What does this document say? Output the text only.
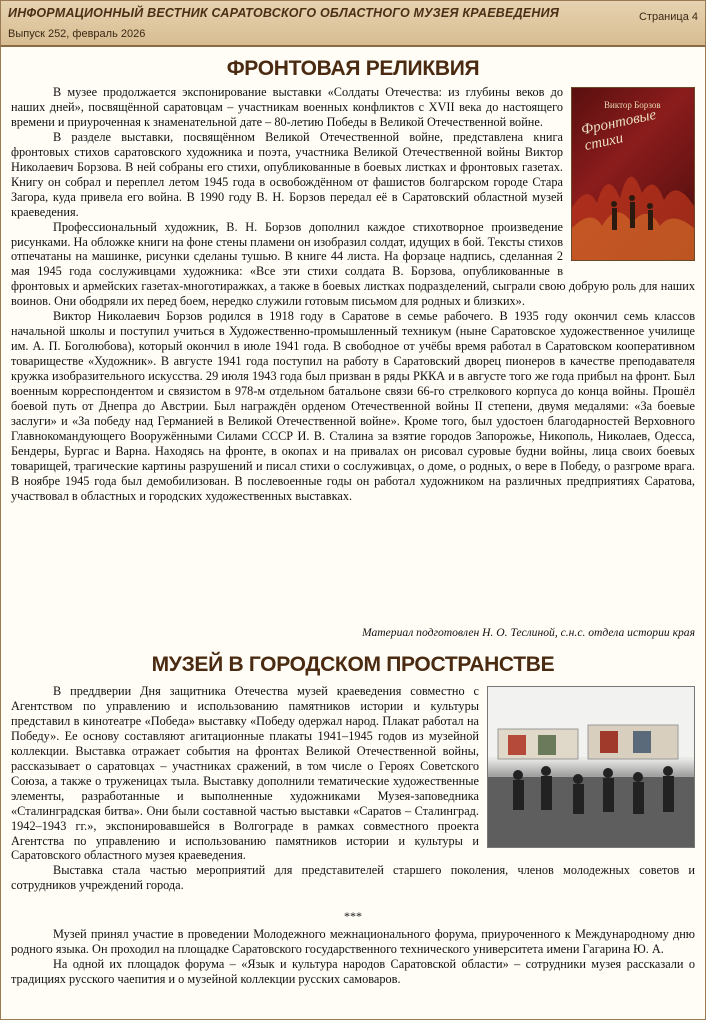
ИНФОРМАЦИОННЫЙ ВЕСТНИК САРАТОВСКОГО ОБЛАСТНОГО МУЗЕЯ КРАЕВЕДЕНИЯ
Выпуск 252, февраль 2026
Страница 4
ФРОНТОВАЯ РЕЛИКВИЯ
Виктор Борзов
Фронтовые стихи

В музее продолжается экспонирование выставки «Солдаты Отечества: из глубины веков до наших дней», посвящённой саратовцам – участникам военных конфликтов с XVII века до настоящего времени и приуроченная к знаменательной дате – 80-летию Победы в Великой Отечественной войне.

В разделе выставки, посвящённом Великой Отечественной войне, представлена книга фронтовых стихов саратовского художника и поэта, участника Великой Отечественной войны Виктор Николаевич Борзова. В ней собраны его стихи, опубликованные в боевых листках и фронтовых газетах. Книгу он собрал и переплел летом 1945 года в освобождённом от фашистов болгарском городе Стара Загора, куда привела его война. В 1990 году В. Н. Борзов передал её в Саратовский областной музей краеведения.

Профессиональный художник, В. Н. Борзов дополнил каждое стихотворное произведение рисунками. На обложке книги на фоне стены пламени он изобразил солдат, идущих в бой. Тексты стихов отпечатаны на машинке, рисунки сделаны тушью. В книге 44 листа. На форзаце надпись, сделанная 2 мая 1945 года сослуживцами художника: «Все эти стихи солдата В. Борзова, опубликованные в фронтовых и армейских газетах-многотиражках, а также в боевых листках подразделений, сыграли свою добрую роль для наших воинов. Они ободряли их перед боем, нередко служили готовым письмом для родных и близких».

Виктор Николаевич Борзов родился в 1918 году в Саратове в семье рабочего. В 1935 году окончил семь классов начальной школы и поступил учиться в Художественно-промышленный техникум (ныне Саратовское художественное училище им. А. П. Боголюбова), который окончил в июле 1941 года. В свободное от учёбы время работал в Саратовском кооперативном товариществе «Художник». В августе 1941 года поступил на работу в Саратовский дворец пионеров в качестве преподавателя кружка изобразительного искусства. 29 июля 1943 года был призван в ряды РККА и в августе того же года прибыл на фронт. Был военным корреспондентом и связистом в 978-м отдельном батальоне связи 66-го стрелкового корпуса до конца войны. Прошёл боевой путь от Днепра до Австрии. Был награждён орденом Отечественной войны II степени, двумя медалями: «За боевые заслуги» и «За победу над Германией в Великой Отечественной войне». Кроме того, был удостоен благодарностей Верховного Главнокомандующего Вооружёнными Силами СССР И. В. Сталина за взятие городов Запорожье, Никополь, Николаев, Одесса, Бендеры, Бургас и Варна. Находясь на фронте, в окопах и на привалах он рисовал суровые будни войны, лица своих боевых товарищей, трагические картины разрушений и писал стихи о сослуживцах, о доме, о родных, о вере в Победу, о разгроме врага. В ноябре 1945 года был демобилизован. В послевоенные годы он работал художником на различных предприятиях Саратова, участвовал в областных и городских художественных выставках.

Материал подготовлен Н. О. Теслиной, с.н.с. отдела истории края
МУЗЕЙ В ГОРОДСКОМ ПРОСТРАНСТВЕ

В преддверии Дня защитника Отечества музей краеведения совместно с Агентством по управлению и использованию памятников истории и культуры представил в кинотеатре «Победа» выставку «Победу одержал народ. Плакат работал на Победу». Ее основу составляют агитационные плакаты 1941–1945 годов из музейной коллекции. Выставка отражает события на фронтах Великой Отечественной войны, рассказывает о саратовцах – участниках сражений, в том числе о Героях Советского Союза, а также о труженицах тыла. Выставку дополнили тематические художественные элементы, разработанные и выполненные художниками Музея-заповедника «Сталинградская битва». Они были составной частью выставки «Саратов – Сталинград. 1942–1943 гг.», экспонировавшейся в Волгограде в рамках совместного проекта Агентства по управлению и использованию памятников истории и культуры и Саратовского областного музея краеведения.

Выставка стала частью мероприятий для представителей старшего поколения, членов молодежных советов и сотрудников учреждений города.

***

Музей принял участие в проведении Молодежного межнационального форума, приуроченного к Международному дню родного языка. Он проходил на площадке Саратовского государственного технического университета имени Гагарина Ю. А.

На одной их площадок форума – «Язык и культура народов Саратовской области» – сотрудники музея рассказали о традициях русского чаепития и о музейной коллекции русских самоваров.
